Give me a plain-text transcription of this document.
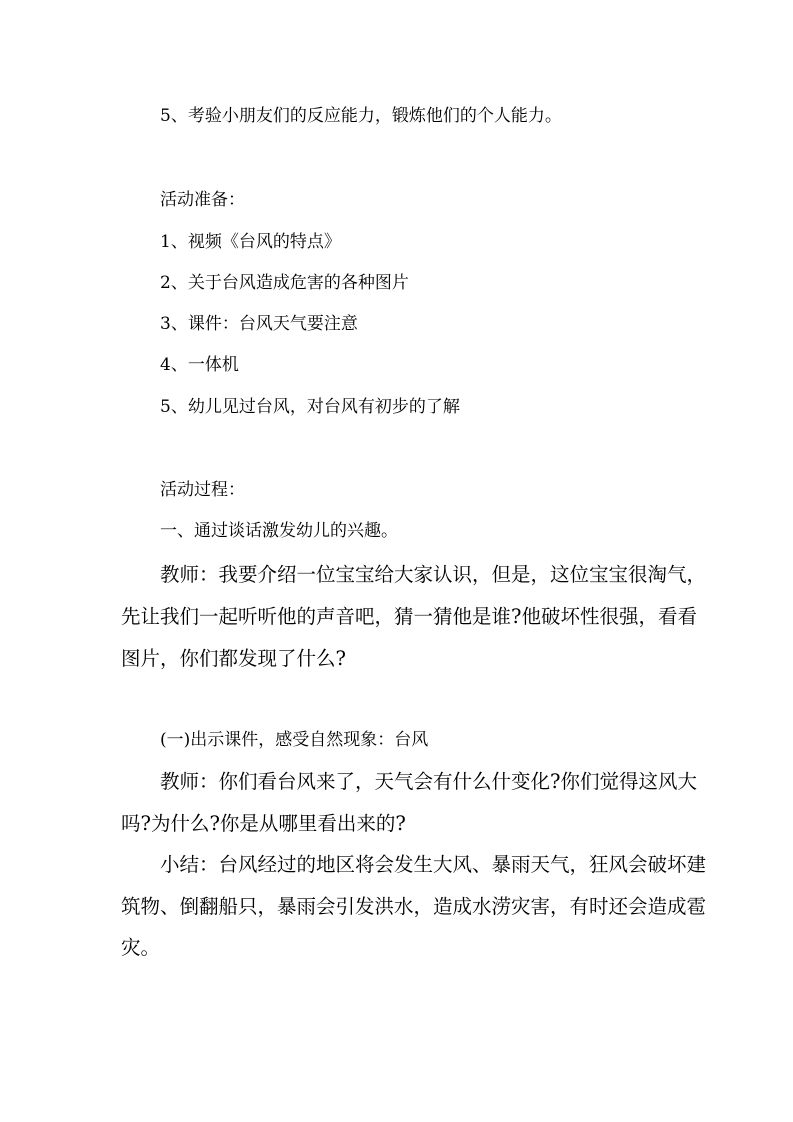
5、考验小朋友们的反应能力，锻炼他们的个人能力。
活动准备：
1、视频《台风的特点》
2、关于台风造成危害的各种图片
3、课件：台风天气要注意
4、一体机
5、幼儿见过台风，对台风有初步的了解
活动过程：
一、通过谈话激发幼儿的兴趣。
教师：我要介绍一位宝宝给大家认识，但是，这位宝宝很淘气，
先让我们一起听听他的声音吧，猜一猜他是谁?他破坏性很强，看看
图片，你们都发现了什么?
(一)出示课件，感受自然现象：台风
教师：你们看台风来了，天气会有什么什变化?你们觉得这风大
吗?为什么?你是从哪里看出来的?
小结：台风经过的地区将会发生大风、暴雨天气，狂风会破坏建
筑物、倒翻船只，暴雨会引发洪水，造成水涝灾害，有时还会造成雹
灾。
